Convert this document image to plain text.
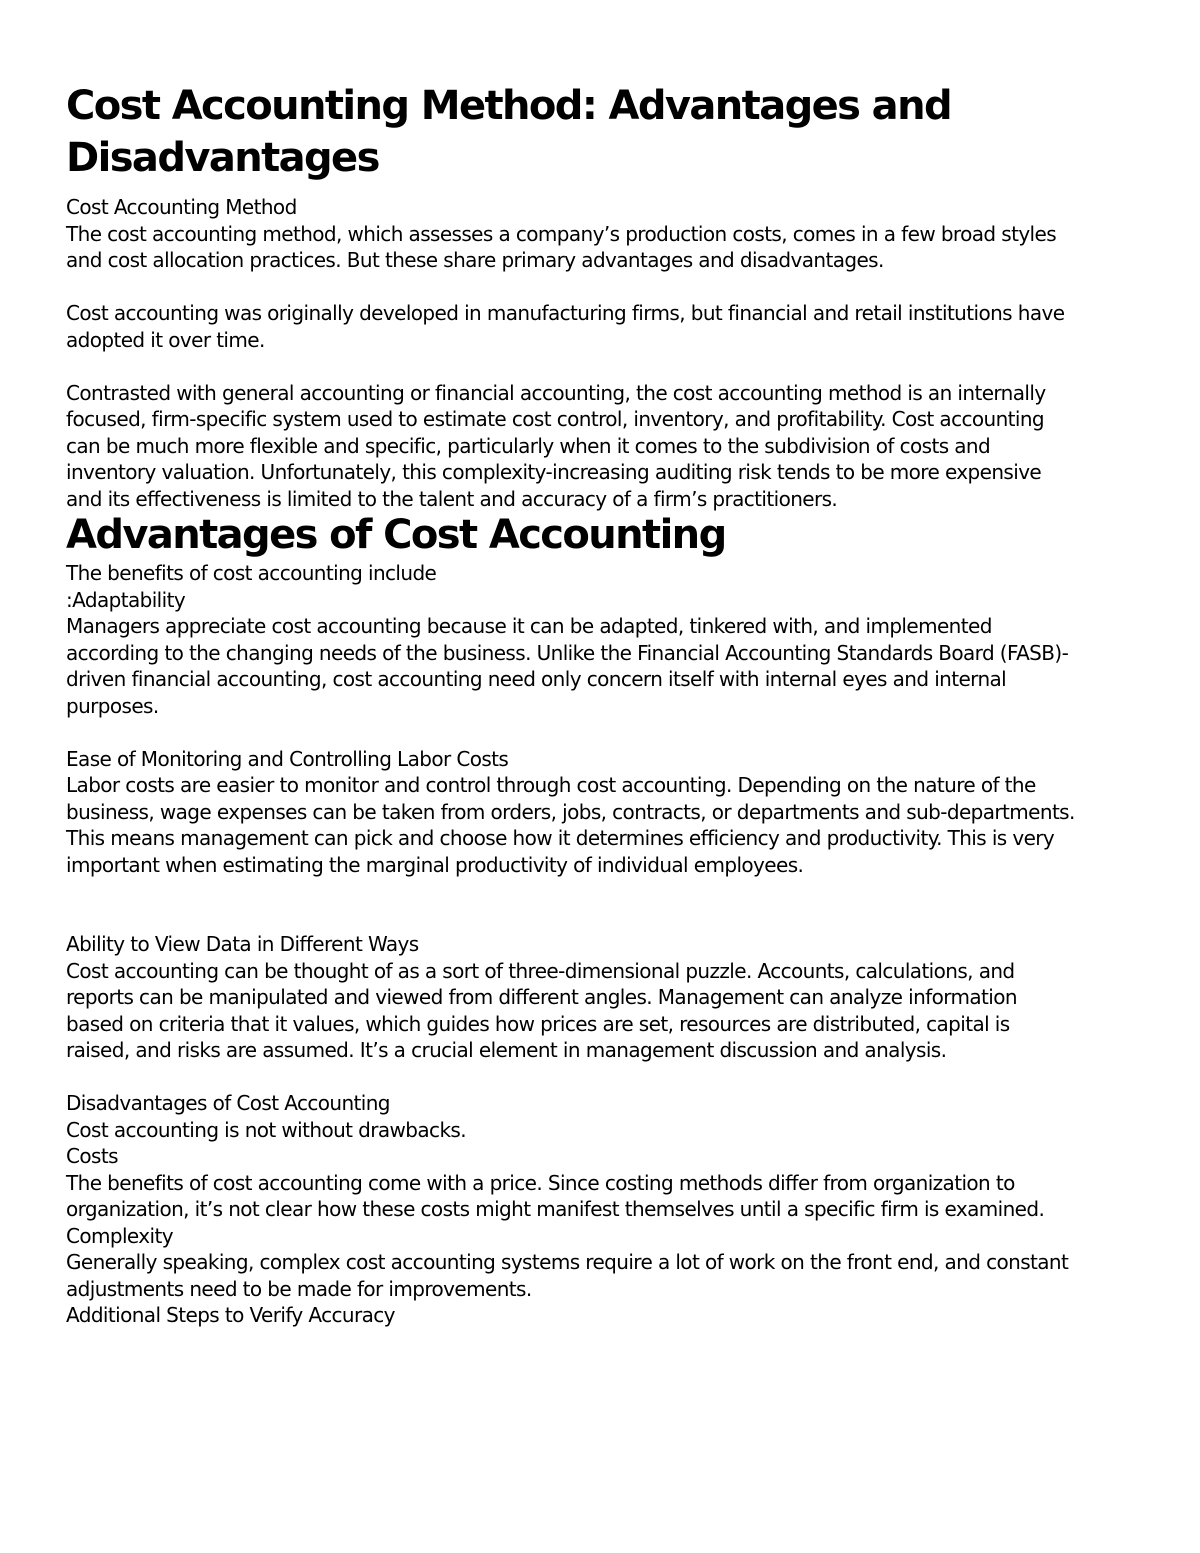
Cost Accounting Method: Advantages and Disadvantages

Cost Accounting Method

The cost accounting method, which assesses a company’s production costs, comes in a few broad styles and cost allocation practices. But these share primary advantages and disadvantages.

Cost accounting was originally developed in manufacturing firms, but financial and retail institutions have adopted it over time.

Contrasted with general accounting or financial accounting, the cost accounting method is an internally focused, firm-specific system used to estimate cost control, inventory, and profitability. Cost accounting can be much more flexible and specific, particularly when it comes to the subdivision of costs and inventory valuation. Unfortunately, this complexity-increasing auditing risk tends to be more expensive and its effectiveness is limited to the talent and accuracy of a firm’s practitioners.

Advantages of Cost Accounting

The benefits of cost accounting include

:Adaptability

Managers appreciate cost accounting because it can be adapted, tinkered with, and implemented according to the changing needs of the business. Unlike the Financial Accounting Standards Board (FASB)-driven financial accounting, cost accounting need only concern itself with internal eyes and internal purposes.

Ease of Monitoring and Controlling Labor Costs

Labor costs are easier to monitor and control through cost accounting. Depending on the nature of the business, wage expenses can be taken from orders, jobs, contracts, or departments and sub-departments. This means management can pick and choose how it determines efficiency and productivity. This is very important when estimating the marginal productivity of individual employees.

Ability to View Data in Different Ways

Cost accounting can be thought of as a sort of three-dimensional puzzle. Accounts, calculations, and reports can be manipulated and viewed from different angles. Management can analyze information based on criteria that it values, which guides how prices are set, resources are distributed, capital is raised, and risks are assumed. It’s a crucial element in management discussion and analysis.

Disadvantages of Cost Accounting

Cost accounting is not without drawbacks.

Costs

The benefits of cost accounting come with a price. Since costing methods differ from organization to organization, it’s not clear how these costs might manifest themselves until a specific firm is examined.

Complexity

Generally speaking, complex cost accounting systems require a lot of work on the front end, and constant adjustments need to be made for improvements.

Additional Steps to Verify Accuracy
